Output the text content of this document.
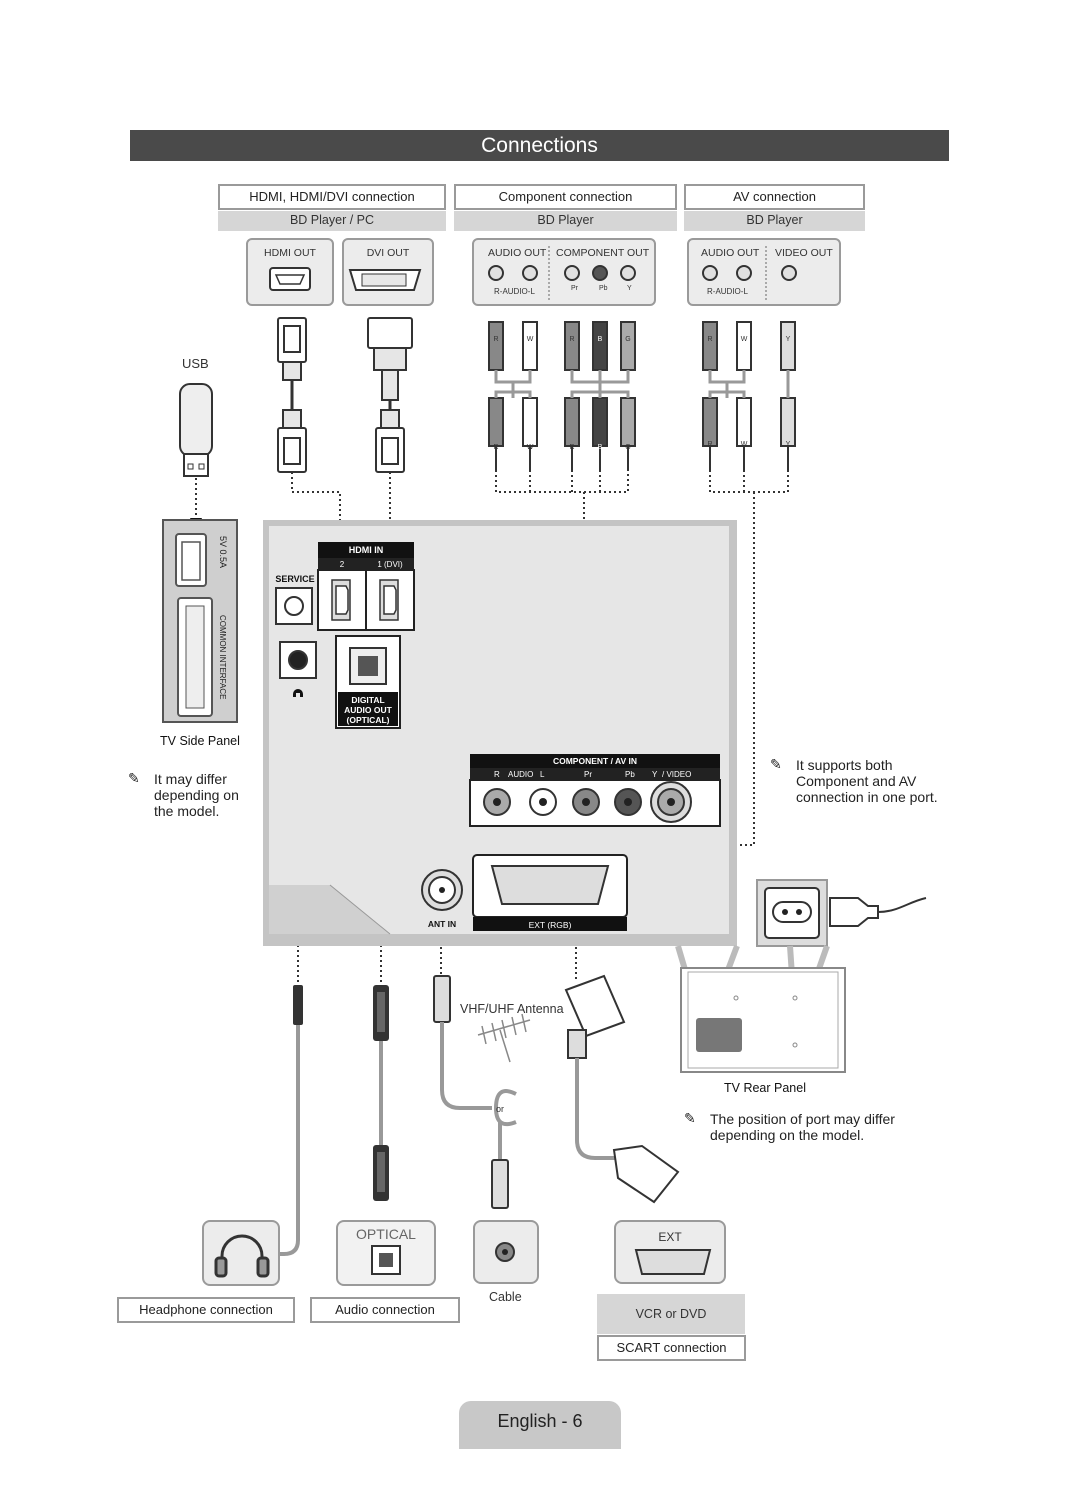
Connections
HDMI, HDMI/DVI connection
BD Player / PC
Component connection
BD Player
AV connection
BD Player
HDMI OUT	DVI OUT	AUDIO OUT COMPONENT OUT
R-AUDIO-L	Pr	Pb	Y
AUDIO OUT VIDEO OUT
R-AUDIO-L
R	W	R	B	G
R	W	R	B	G
R	W	Y
R	W	Y
5V 0.5A
COMMON INTERFACE
HDMI IN
2	1 (DVI)
SERVICE
DIGITAL
AUDIO OUT
(OPTICAL)
COMPONENT / AV IN
R AUDIO L	Pr	Pb Y / VIDEO
ANT IN	EXT (RGB)
or
USB
TV Side Panel
✎ It may differ
depending on
the model.
✎ It supports both
Component and AV
connection in one port.
TV Rear Panel
✎ The position of port may differ
depending on the model.
VHF/UHF Antenna
OPTICAL	EXT
Headphone connection	Audio connection
Cable
VCR or DVD
SCART connection
English - 6
